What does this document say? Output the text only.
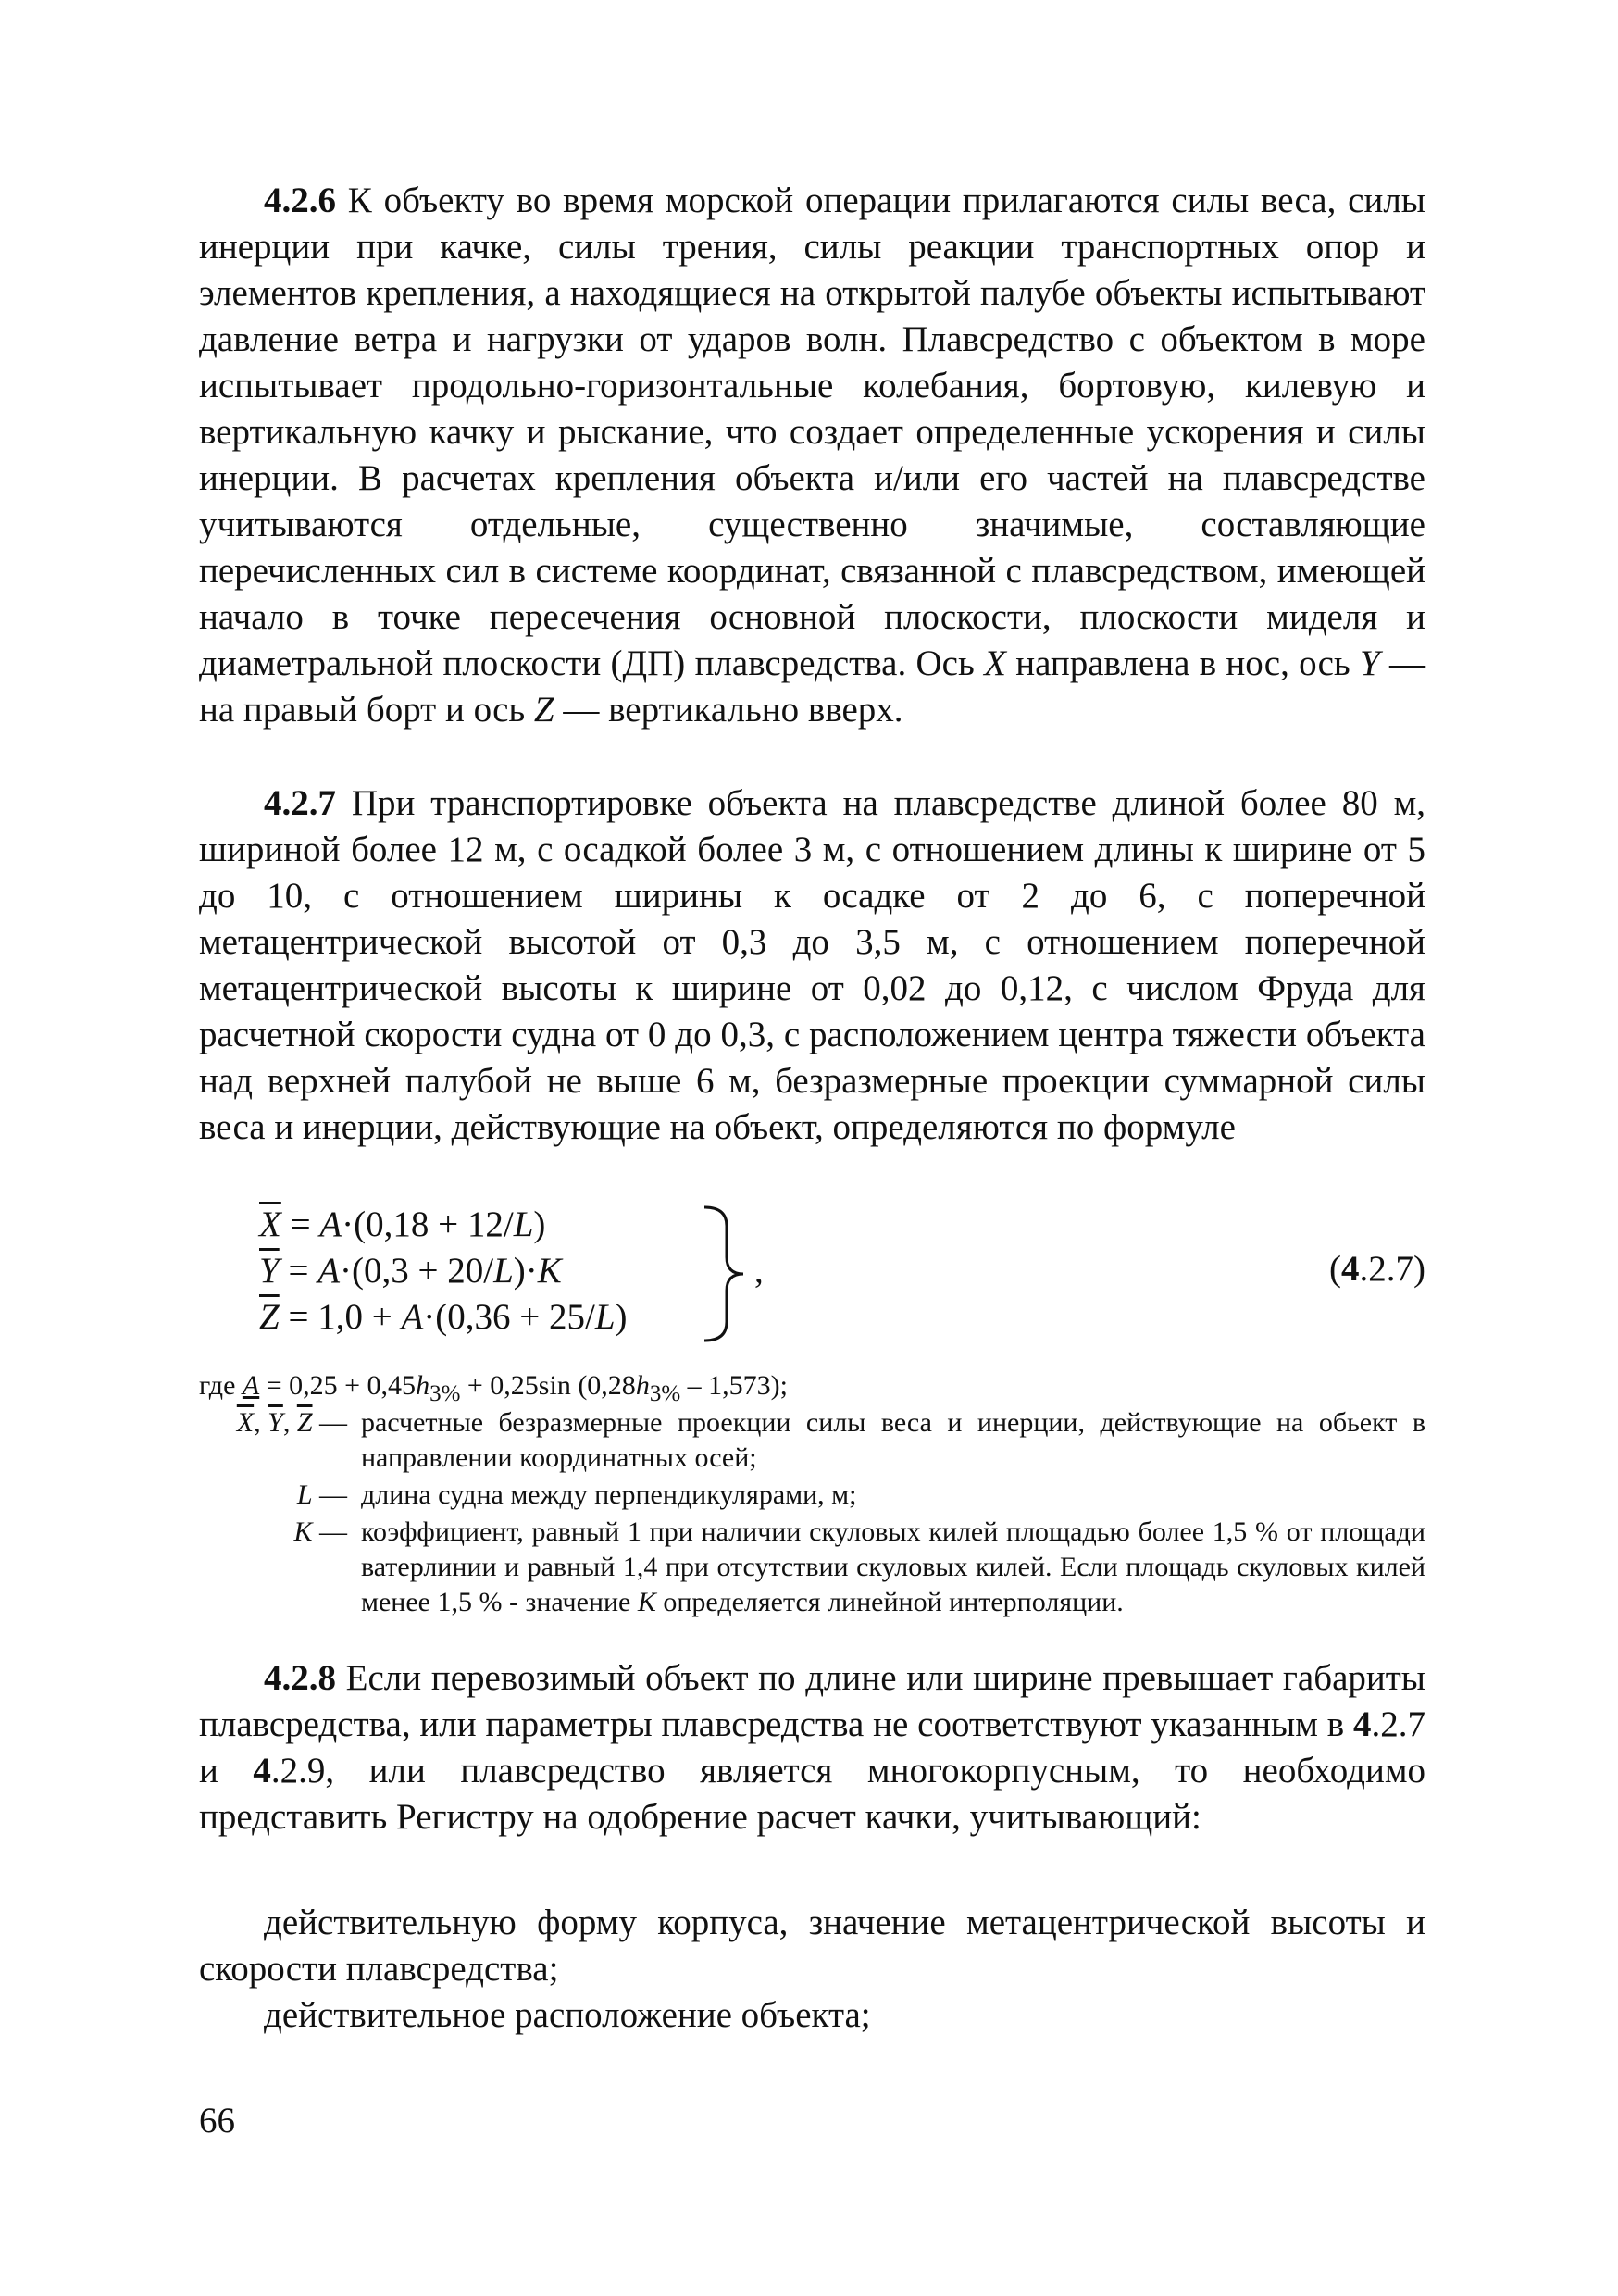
4.2.6 К объекту во время морской операции прилагаются силы веса, силы инерции при качке, силы трения, силы реакции транспортных опор и элементов крепления, а находящиеся на открытой палубе объекты испытывают давление ветра и нагрузки от ударов волн. Плавсредство с объектом в море испытывает продольно-горизонтальные колебания, бортовую, килевую и вертикальную качку и рыскание, что создает определенные ускорения и силы инерции. В расчетах крепления объекта и/или его частей на плавсредстве учитываются отдельные, существенно значимые, составляющие перечисленных сил в системе координат, связанной с плавсредством, имеющей начало в точке пересечения основной плоскости, плоскости миделя и диаметральной плоскости (ДП) плавсредства. Ось X направлена в нос, ось Y — на правый борт и ось Z — вертикально вверх.

4.2.7 При транспортировке объекта на плавсредстве длиной более 80 м, шириной более 12 м, с осадкой более 3 м, с отношением длины к ширине от 5 до 10, с отношением ширины к осадке от 2 до 6, с поперечной метацентрической высотой от 0,3 до 3,5 м, с отношением поперечной метацентрической высоты к ширине от 0,02 до 0,12, с числом Фруда для расчетной скорости судна от 0 до 0,3, с расположением центра тяжести объекта над верхней палубой не выше 6 м, безразмерные проекции суммарной силы веса и инерции, действующие на объект, определяются по формуле

$\overline{X} = A\cdot(0,18 + 12/L)$
$\overline{Y} = A\cdot(0,3 + 20/L)\cdot K$
$\overline{Z} = 1,0 + A\cdot(0,36 + 25/L)$
,	(4.2.7)
где $A = 0,25 + 0,45h_{3\%} + 0,25\sin$ $(0,28h_{3\%} - 1,573)$;
$\overline{X}$, $\overline{Y}$, $\overline{Z}$ — расчетные безразмерные проекции силы веса и инерции, действующие на обьект в направлении координатных осей;
L — длина судна между перпендикулярами, м;
K — коэффициент, равный 1 при наличии скуловых килей площадью более 1,5 % от площади ватерлинии и равный 1,4 при отсутствии скуловых килей. Если площадь скуловых килей менее 1,5 % - значение K определяется линейной интерполяции.

4.2.8 Если перевозимый объект по длине или ширине превышает габариты плавсредства, или параметры плавсредства не соответствуют указанным в 4.2.7 и 4.2.9, или плавсредство является многокорпусным, то необходимо представить Регистру на одобрение расчет качки, учитывающий:

действительную форму корпуса, значение метацентрической высоты и скорости плавсредства;

действительное расположение объекта;

66
